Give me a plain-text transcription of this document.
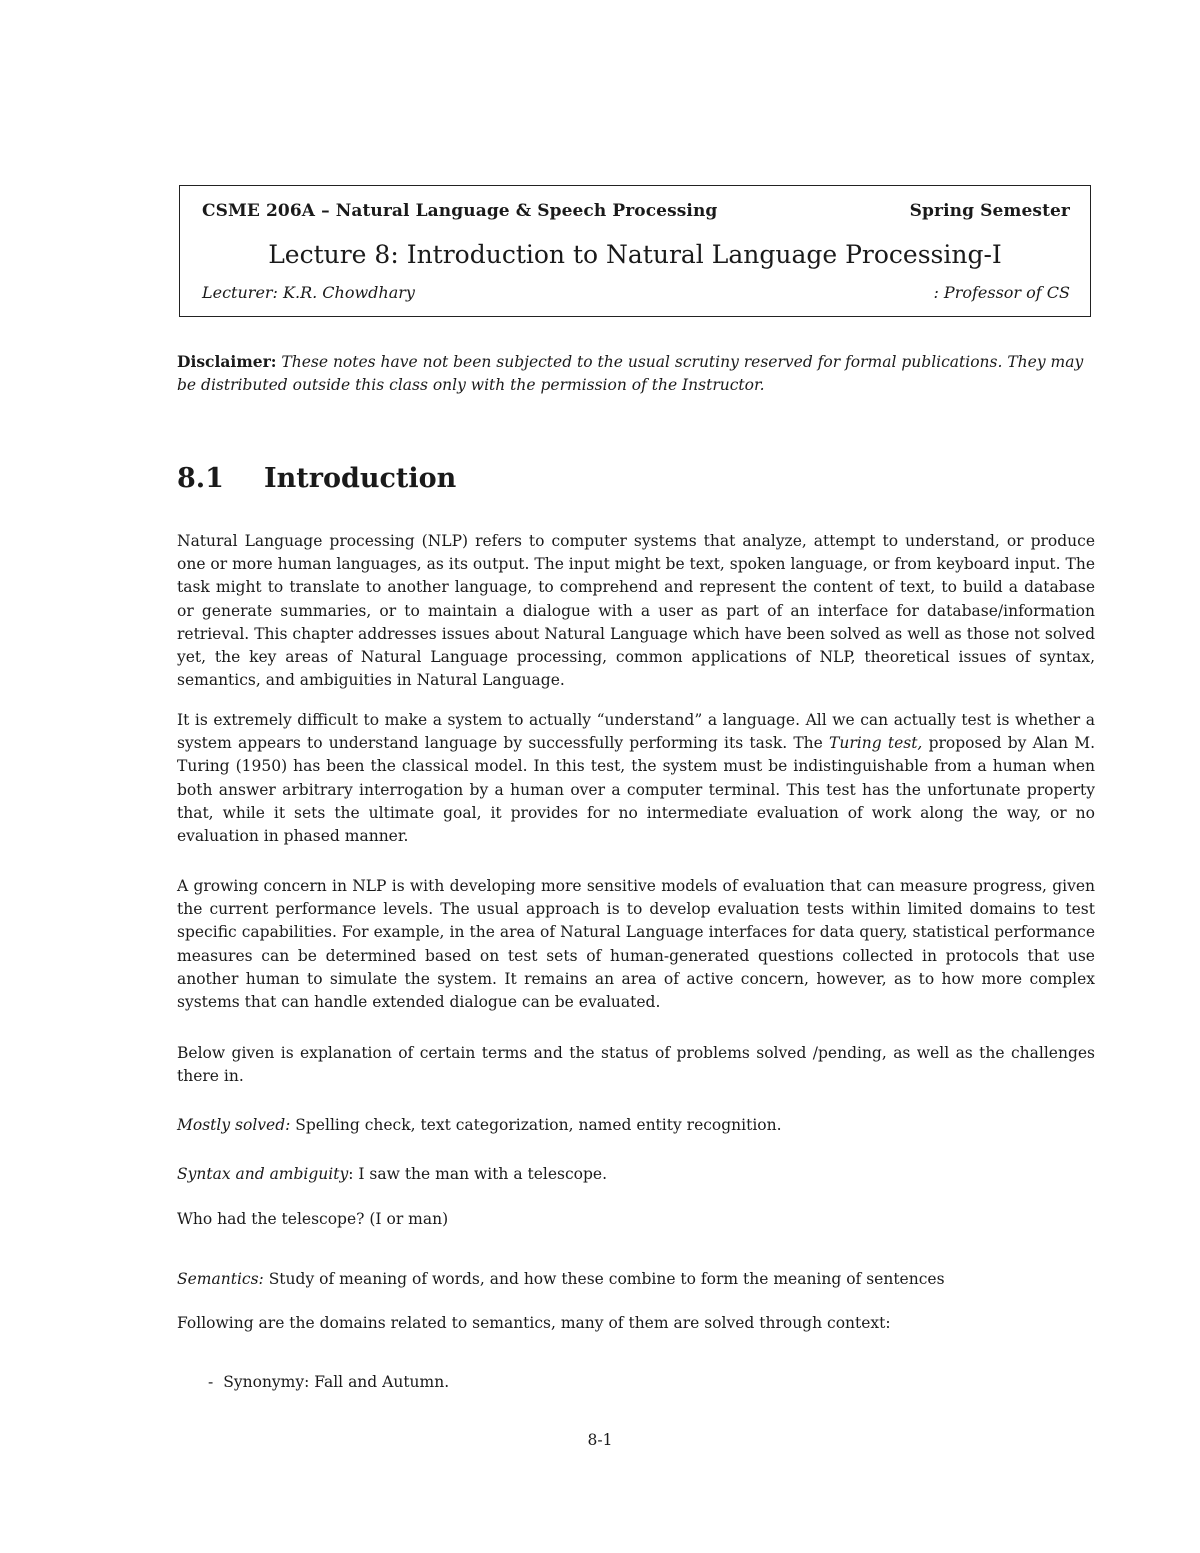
CSME 206A – Natural Language & Speech Processing	Spring Semester
Lecture 8: Introduction to Natural Language Processing-I
Lecturer: K.R. Chowdhary	: Professor of CS
Disclaimer: These notes have not been subjected to the usual scrutiny reserved for formal publications. They may be distributed outside this class only with the permission of the Instructor.
8.1 Introduction

Natural Language processing (NLP) refers to computer systems that analyze, attempt to understand, or produce one or more human languages, as its output. The input might be text, spoken language, or from keyboard input. The task might to translate to another language, to comprehend and represent the content of text, to build a database or generate summaries, or to maintain a dialogue with a user as part of an interface for database/information retrieval. This chapter addresses issues about Natural Language which have been solved as well as those not solved yet, the key areas of Natural Language processing, common applications of NLP, theoretical issues of syntax, semantics, and ambiguities in Natural Language.

It is extremely difficult to make a system to actually “understand” a language. All we can actually test is whether a system appears to understand language by successfully performing its task. The Turing test, proposed by Alan M. Turing (1950) has been the classical model. In this test, the system must be indistinguishable from a human when both answer arbitrary interrogation by a human over a computer terminal. This test has the unfortunate property that, while it sets the ultimate goal, it provides for no intermediate evaluation of work along the way, or no evaluation in phased manner.

A growing concern in NLP is with developing more sensitive models of evaluation that can measure progress, given the current performance levels. The usual approach is to develop evaluation tests within limited domains to test specific capabilities. For example, in the area of Natural Language interfaces for data query, statistical performance measures can be determined based on test sets of human-generated questions collected in protocols that use another human to simulate the system. It remains an area of active concern, however, as to how more complex systems that can handle extended dialogue can be evaluated.

Below given is explanation of certain terms and the status of problems solved /pending, as well as the challenges there in.

Mostly solved: Spelling check, text categorization, named entity recognition.

Syntax and ambiguity: I saw the man with a telescope.

Who had the telescope? (I or man)

Semantics: Study of meaning of words, and how these combine to form the meaning of sentences

Following are the domains related to semantics, many of them are solved through context:

- Synonymy: Fall and Autumn.
8-1
